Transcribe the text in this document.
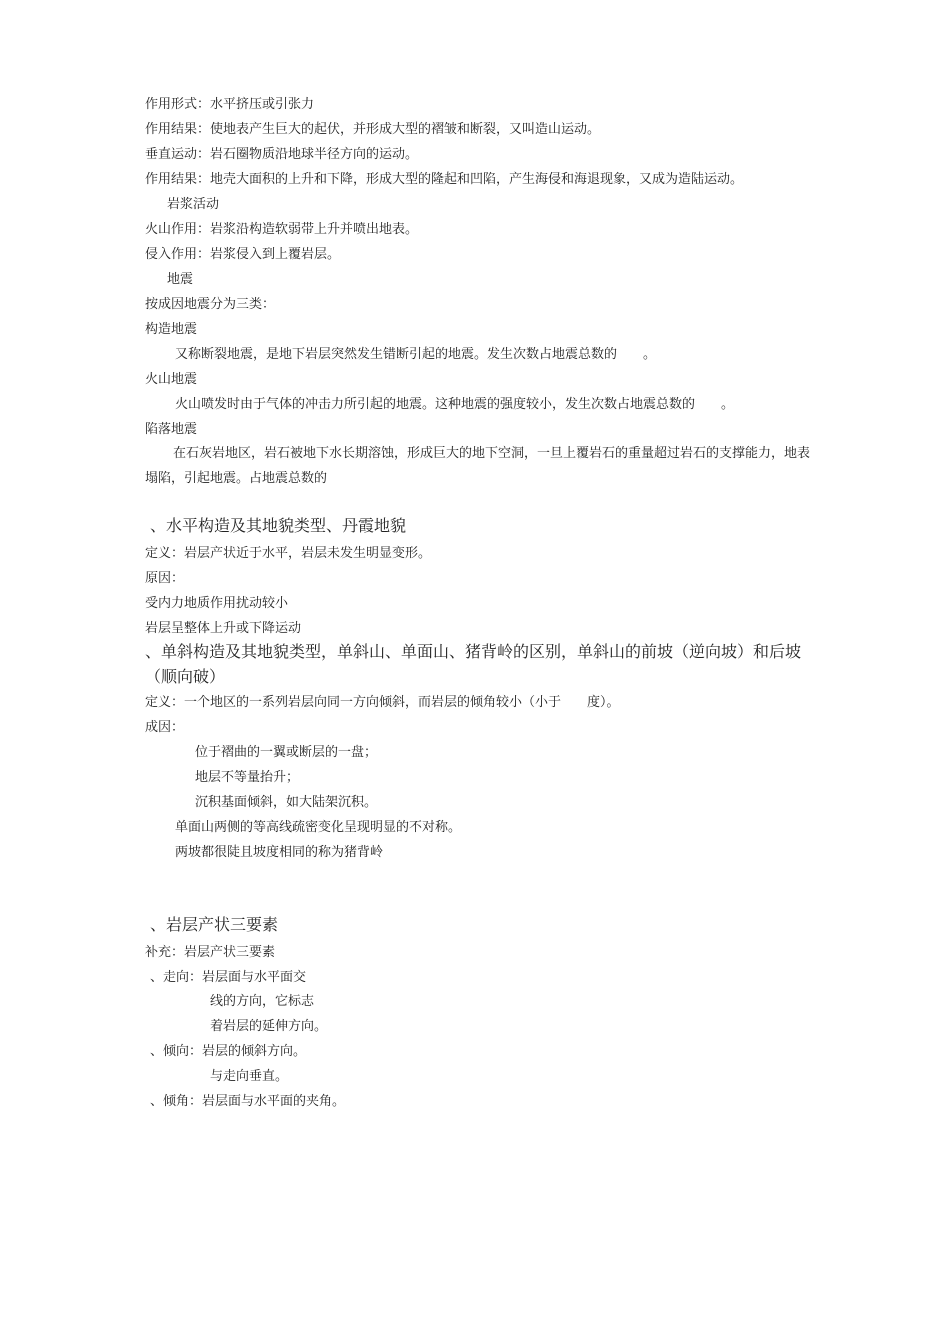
作用形式：水平挤压或引张力
作用结果：使地表产生巨大的起伏，并形成大型的褶皱和断裂，又叫造山运动。
垂直运动：岩石圈物质沿地球半径方向的运动。
作用结果：地壳大面积的上升和下降，形成大型的隆起和凹陷，产生海侵和海退现象，又成为造陆运动。
岩浆活动
火山作用：岩浆沿构造软弱带上升并喷出地表。
侵入作用：岩浆侵入到上覆岩层。
地震
按成因地震分为三类：
构造地震
又称断裂地震，是地下岩层突然发生错断引起的地震。发生次数占地震总数的　　。
火山地震
火山喷发时由于气体的冲击力所引起的地震。这种地震的强度较小，发生次数占地震总数的　　。
陷落地震
在石灰岩地区，岩石被地下水长期溶蚀，形成巨大的地下空洞，一旦上覆岩石的重量超过岩石的支撑能力，地表塌陷，引起地震。占地震总数的
、水平构造及其地貌类型、丹霞地貌
定义：岩层产状近于水平，岩层未发生明显变形。
原因：
受内力地质作用扰动较小
岩层呈整体上升或下降运动
、单斜构造及其地貌类型，单斜山、单面山、猪背岭的区别，单斜山的前坡（逆向坡）和后坡（顺向破）
定义：一个地区的一系列岩层向同一方向倾斜，而岩层的倾角较小（小于　　度）。
成因：
位于褶曲的一翼或断层的一盘；
地层不等量抬升；
沉积基面倾斜，如大陆架沉积。
单面山两侧的等高线疏密变化呈现明显的不对称。
两坡都很陡且坡度相同的称为猪背岭
、岩层产状三要素
补充：岩层产状三要素
、走向：岩层面与水平面交
线的方向，它标志
着岩层的延伸方向。
、倾向：岩层的倾斜方向。
与走向垂直。
、倾角：岩层面与水平面的夹角。
